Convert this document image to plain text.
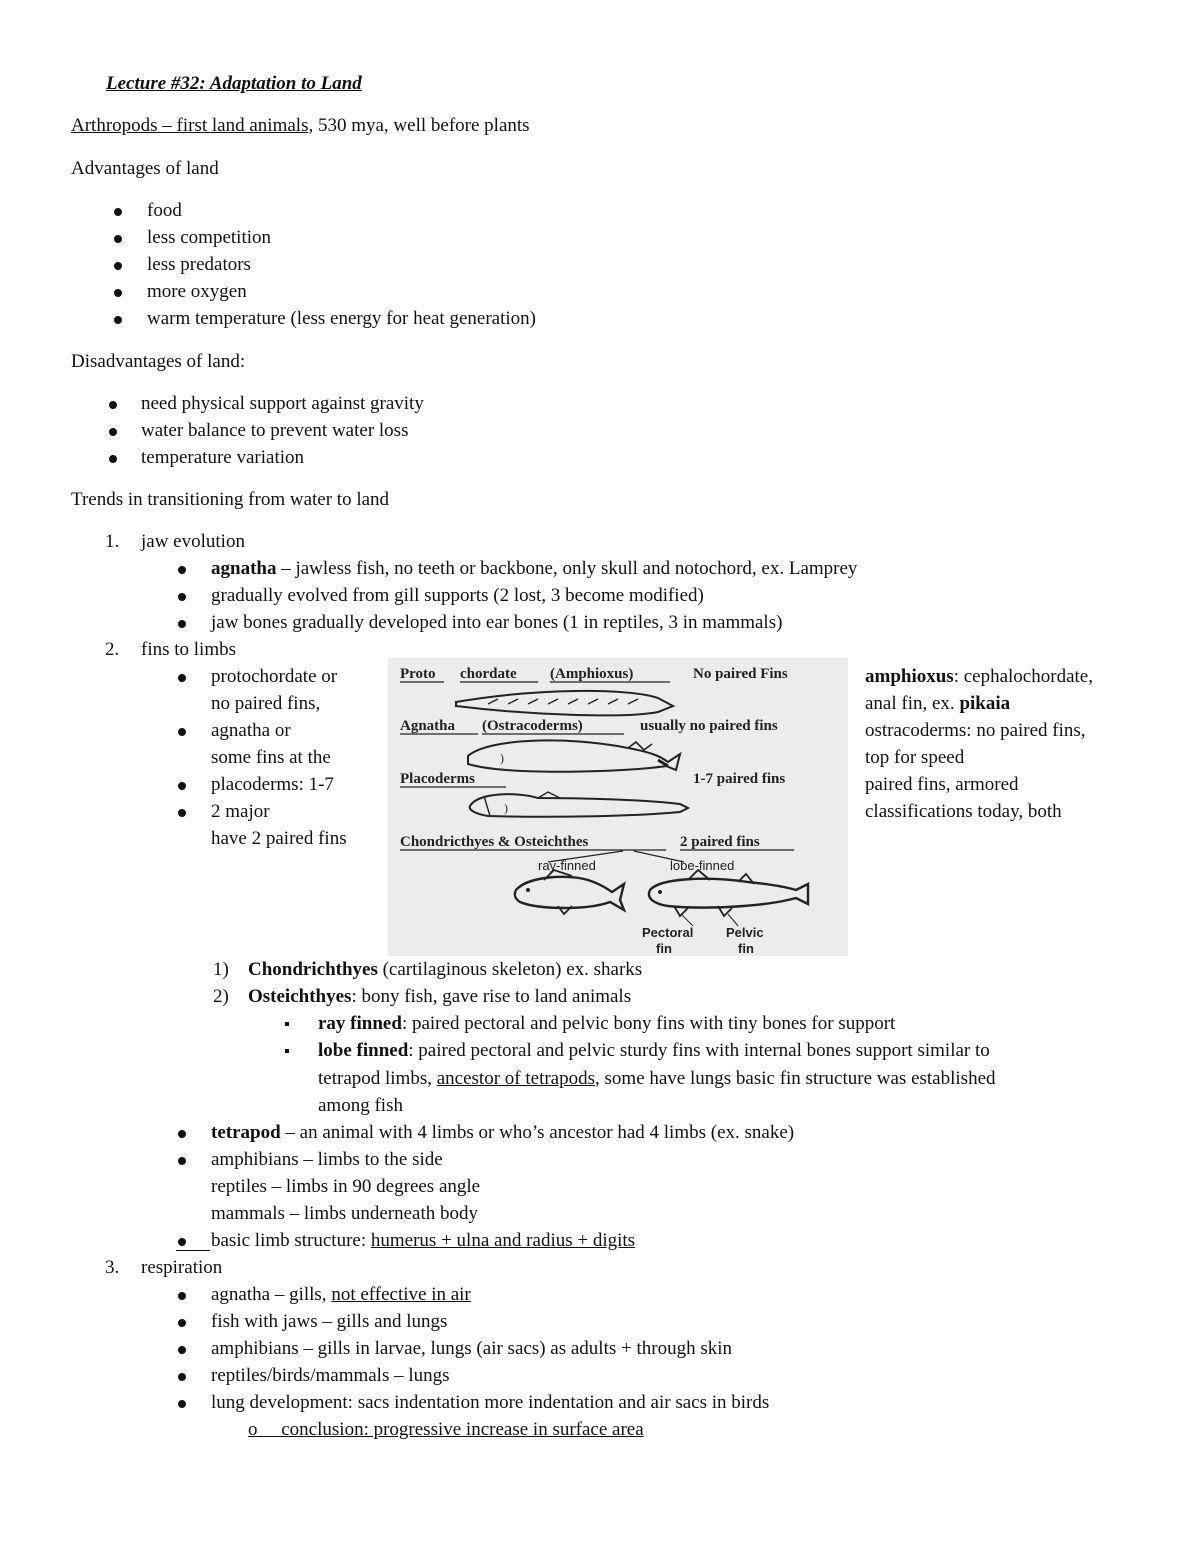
Lecture #32: Adaptation to Land
Arthropods – first land animals, 530 mya, well before plants
Advantages of land
food
less competition
less predators
more oxygen
warm temperature (less energy for heat generation)
Disadvantages of land:
need physical support against gravity
water balance to prevent water loss
temperature variation
Trends in transitioning from water to land
1. jaw evolution
agnatha – jawless fish, no teeth or backbone, only skull and notochord, ex. Lamprey
gradually evolved from gill supports (2 lost, 3 become modified)
jaw bones gradually developed into ear bones (1 in reptiles, 3 in mammals)
2. fins to limbs
protochordate or
no paired fins,
agnatha or
some fins at the
placoderms: 1-7
2 major
have 2 paired fins
Proto chordate (Amphioxus)	No paired Fins
Agnatha (Ostracoderms)	usually no paired fins
)
Placoderms	1-7 paired fins
)
Chondricthyes & Osteichthes	2 paired fins
ray-finned	lobe-finned
Pectoral
fin
Pelvic
fin
amphioxus: cephalochordate,
anal fin, ex. pikaia
ostracoderms: no paired fins,
top for speed
paired fins, armored
classifications today, both
1) Chondrichthyes (cartilaginous skeleton) ex. sharks
2) Osteichthyes: bony fish, gave rise to land animals
ray finned: paired pectoral and pelvic bony fins with tiny bones for support
lobe finned: paired pectoral and pelvic sturdy fins with internal bones support similar to
tetrapod limbs, ancestor of tetrapods, some have lungs basic fin structure was established
among fish
tetrapod – an animal with 4 limbs or who’s ancestor had 4 limbs (ex. snake)
amphibians – limbs to the side
reptiles – limbs in 90 degrees angle
mammals – limbs underneath body
basic limb structure: humerus + ulna and radius + digits
3. respiration
agnatha – gills, not effective in air
fish with jaws – gills and lungs
amphibians – gills in larvae, lungs (air sacs) as adults + through skin
reptiles/birds/mammals – lungs
lung development: sacs indentation more indentation and air sacs in birds
o     conclusion: progressive increase in surface area
